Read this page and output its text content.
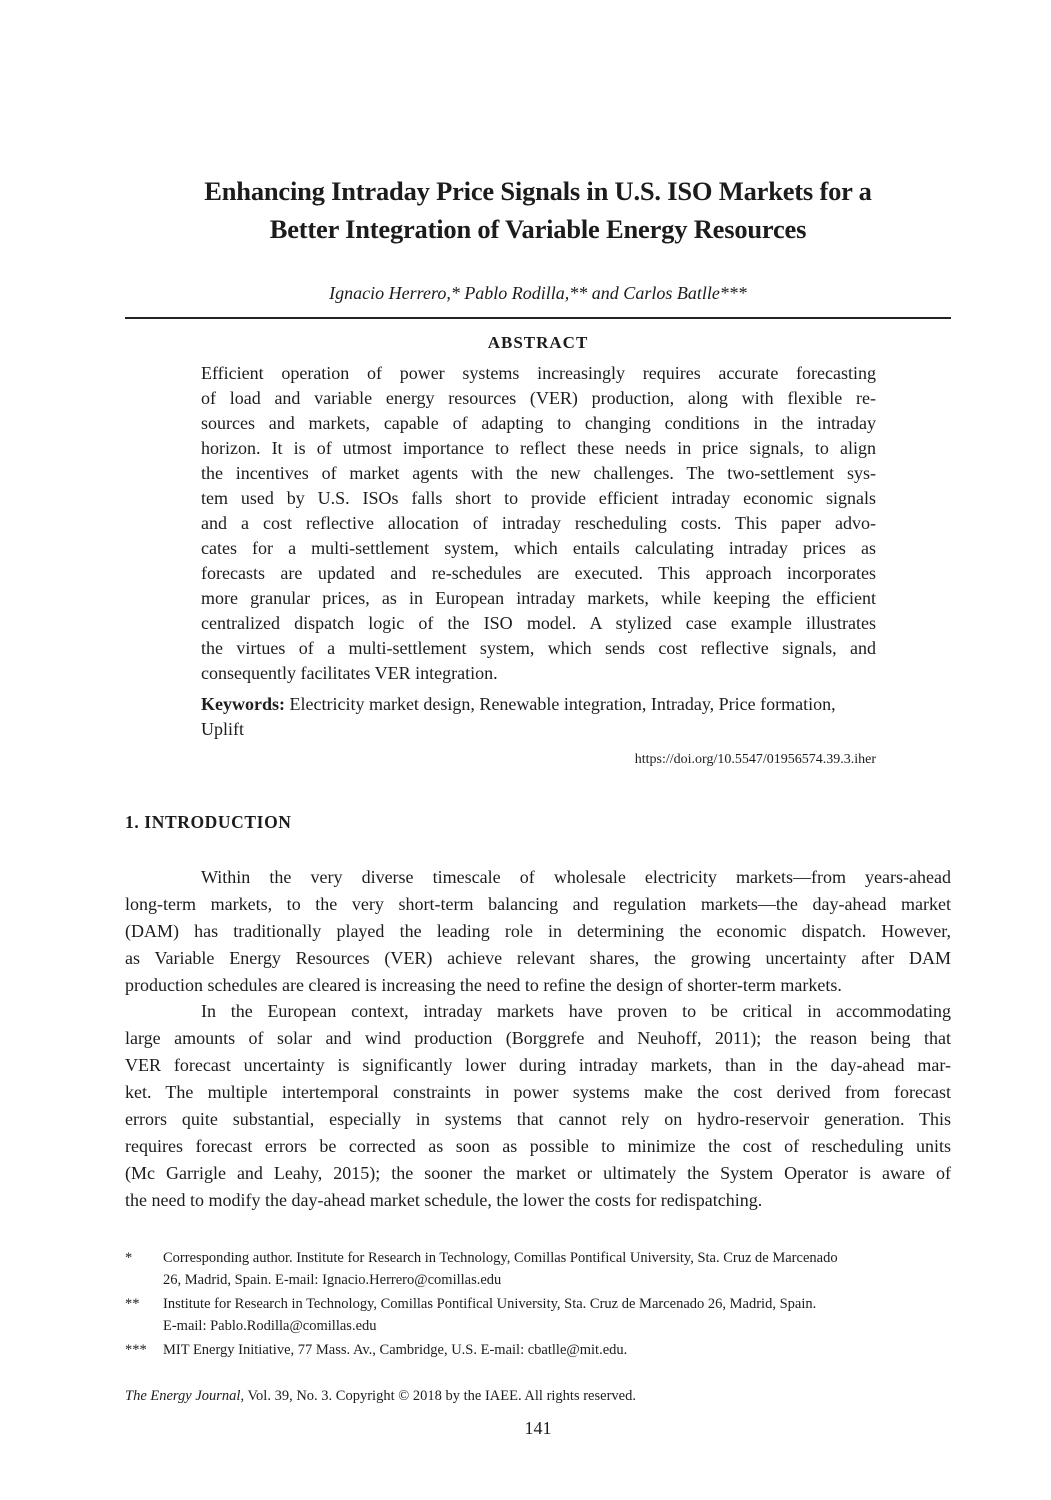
Enhancing Intraday Price Signals in U.S. ISO Markets for a
Better Integration of Variable Energy Resources
Ignacio Herrero,* Pablo Rodilla,** and Carlos Batlle***
ABSTRACT
Efficient operation of power systems increasingly requires accurate forecasting
of load and variable energy resources (VER) production, along with flexible re-
sources and markets, capable of adapting to changing conditions in the intraday
horizon. It is of utmost importance to reflect these needs in price signals, to align
the incentives of market agents with the new challenges. The two-settlement sys-
tem used by U.S. ISOs falls short to provide efficient intraday economic signals
and a cost reflective allocation of intraday rescheduling costs. This paper advo-
cates for a multi-settlement system, which entails calculating intraday prices as
forecasts are updated and re-schedules are executed. This approach incorporates
more granular prices, as in European intraday markets, while keeping the efficient
centralized dispatch logic of the ISO model. A stylized case example illustrates
the virtues of a multi-settlement system, which sends cost reflective signals, and
consequently facilitates VER integration.
Keywords: Electricity market design, Renewable integration, Intraday, Price formation, Uplift
https://doi.org/10.5547/01956574.39.3.iher
1. INTRODUCTION
Within the very diverse timescale of wholesale electricity markets—from years-ahead
long-term markets, to the very short-term balancing and regulation markets—the day-ahead market
(DAM) has traditionally played the leading role in determining the economic dispatch. However,
as Variable Energy Resources (VER) achieve relevant shares, the growing uncertainty after DAM
production schedules are cleared is increasing the need to refine the design of shorter-term markets.
In the European context, intraday markets have proven to be critical in accommodating
large amounts of solar and wind production (Borggrefe and Neuhoff, 2011); the reason being that
VER forecast uncertainty is significantly lower during intraday markets, than in the day-ahead mar-
ket. The multiple intertemporal constraints in power systems make the cost derived from forecast
errors quite substantial, especially in systems that cannot rely on hydro-reservoir generation. This
requires forecast errors be corrected as soon as possible to minimize the cost of rescheduling units
(Mc Garrigle and Leahy, 2015); the sooner the market or ultimately the System Operator is aware of
the need to modify the day-ahead market schedule, the lower the costs for redispatching.
* Corresponding author. Institute for Research in Technology, Comillas Pontifical University, Sta. Cruz de Marcenado
26, Madrid, Spain. E-mail: Ignacio.Herrero@comillas.edu
** Institute for Research in Technology, Comillas Pontifical University, Sta. Cruz de Marcenado 26, Madrid, Spain.
E-mail: Pablo.Rodilla@comillas.edu
*** MIT Energy Initiative, 77 Mass. Av., Cambridge, U.S. E-mail: cbatlle@mit.edu.
The Energy Journal, Vol. 39, No. 3. Copyright © 2018 by the IAEE. All rights reserved.
141
